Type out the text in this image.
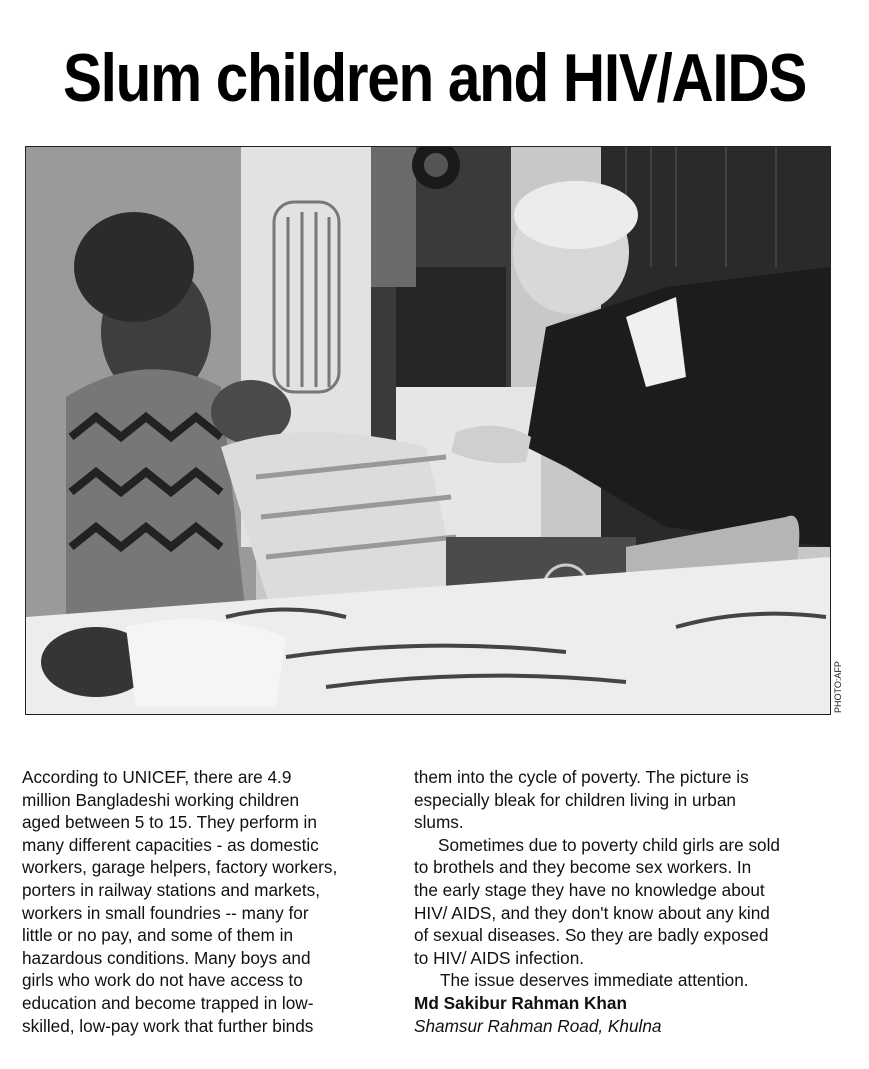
Slum children and HIV/AIDS
PHOTO:AFP

According to UNICEF, there are 4.9

million Bangladeshi working children

aged between 5 to 15. They perform in

many different capacities - as domestic

workers, garage helpers, factory workers,

porters in railway stations and markets,

workers in small foundries -- many for

little or no pay, and some of them in

hazardous conditions. Many boys and

girls who work do not have access to

education and become trapped in low-

skilled, low-pay work that further binds

them into the cycle of poverty. The picture is

especially bleak for children living in urban

slums.

Sometimes due to poverty child girls are sold

to brothels and they become sex workers. In

the early stage they have no knowledge about

HIV/ AIDS, and they don't know about any kind

of sexual diseases. So they are badly exposed

to HIV/ AIDS infection.

The issue deserves immediate attention.

Md Sakibur Rahman Khan

Shamsur Rahman Road, Khulna
